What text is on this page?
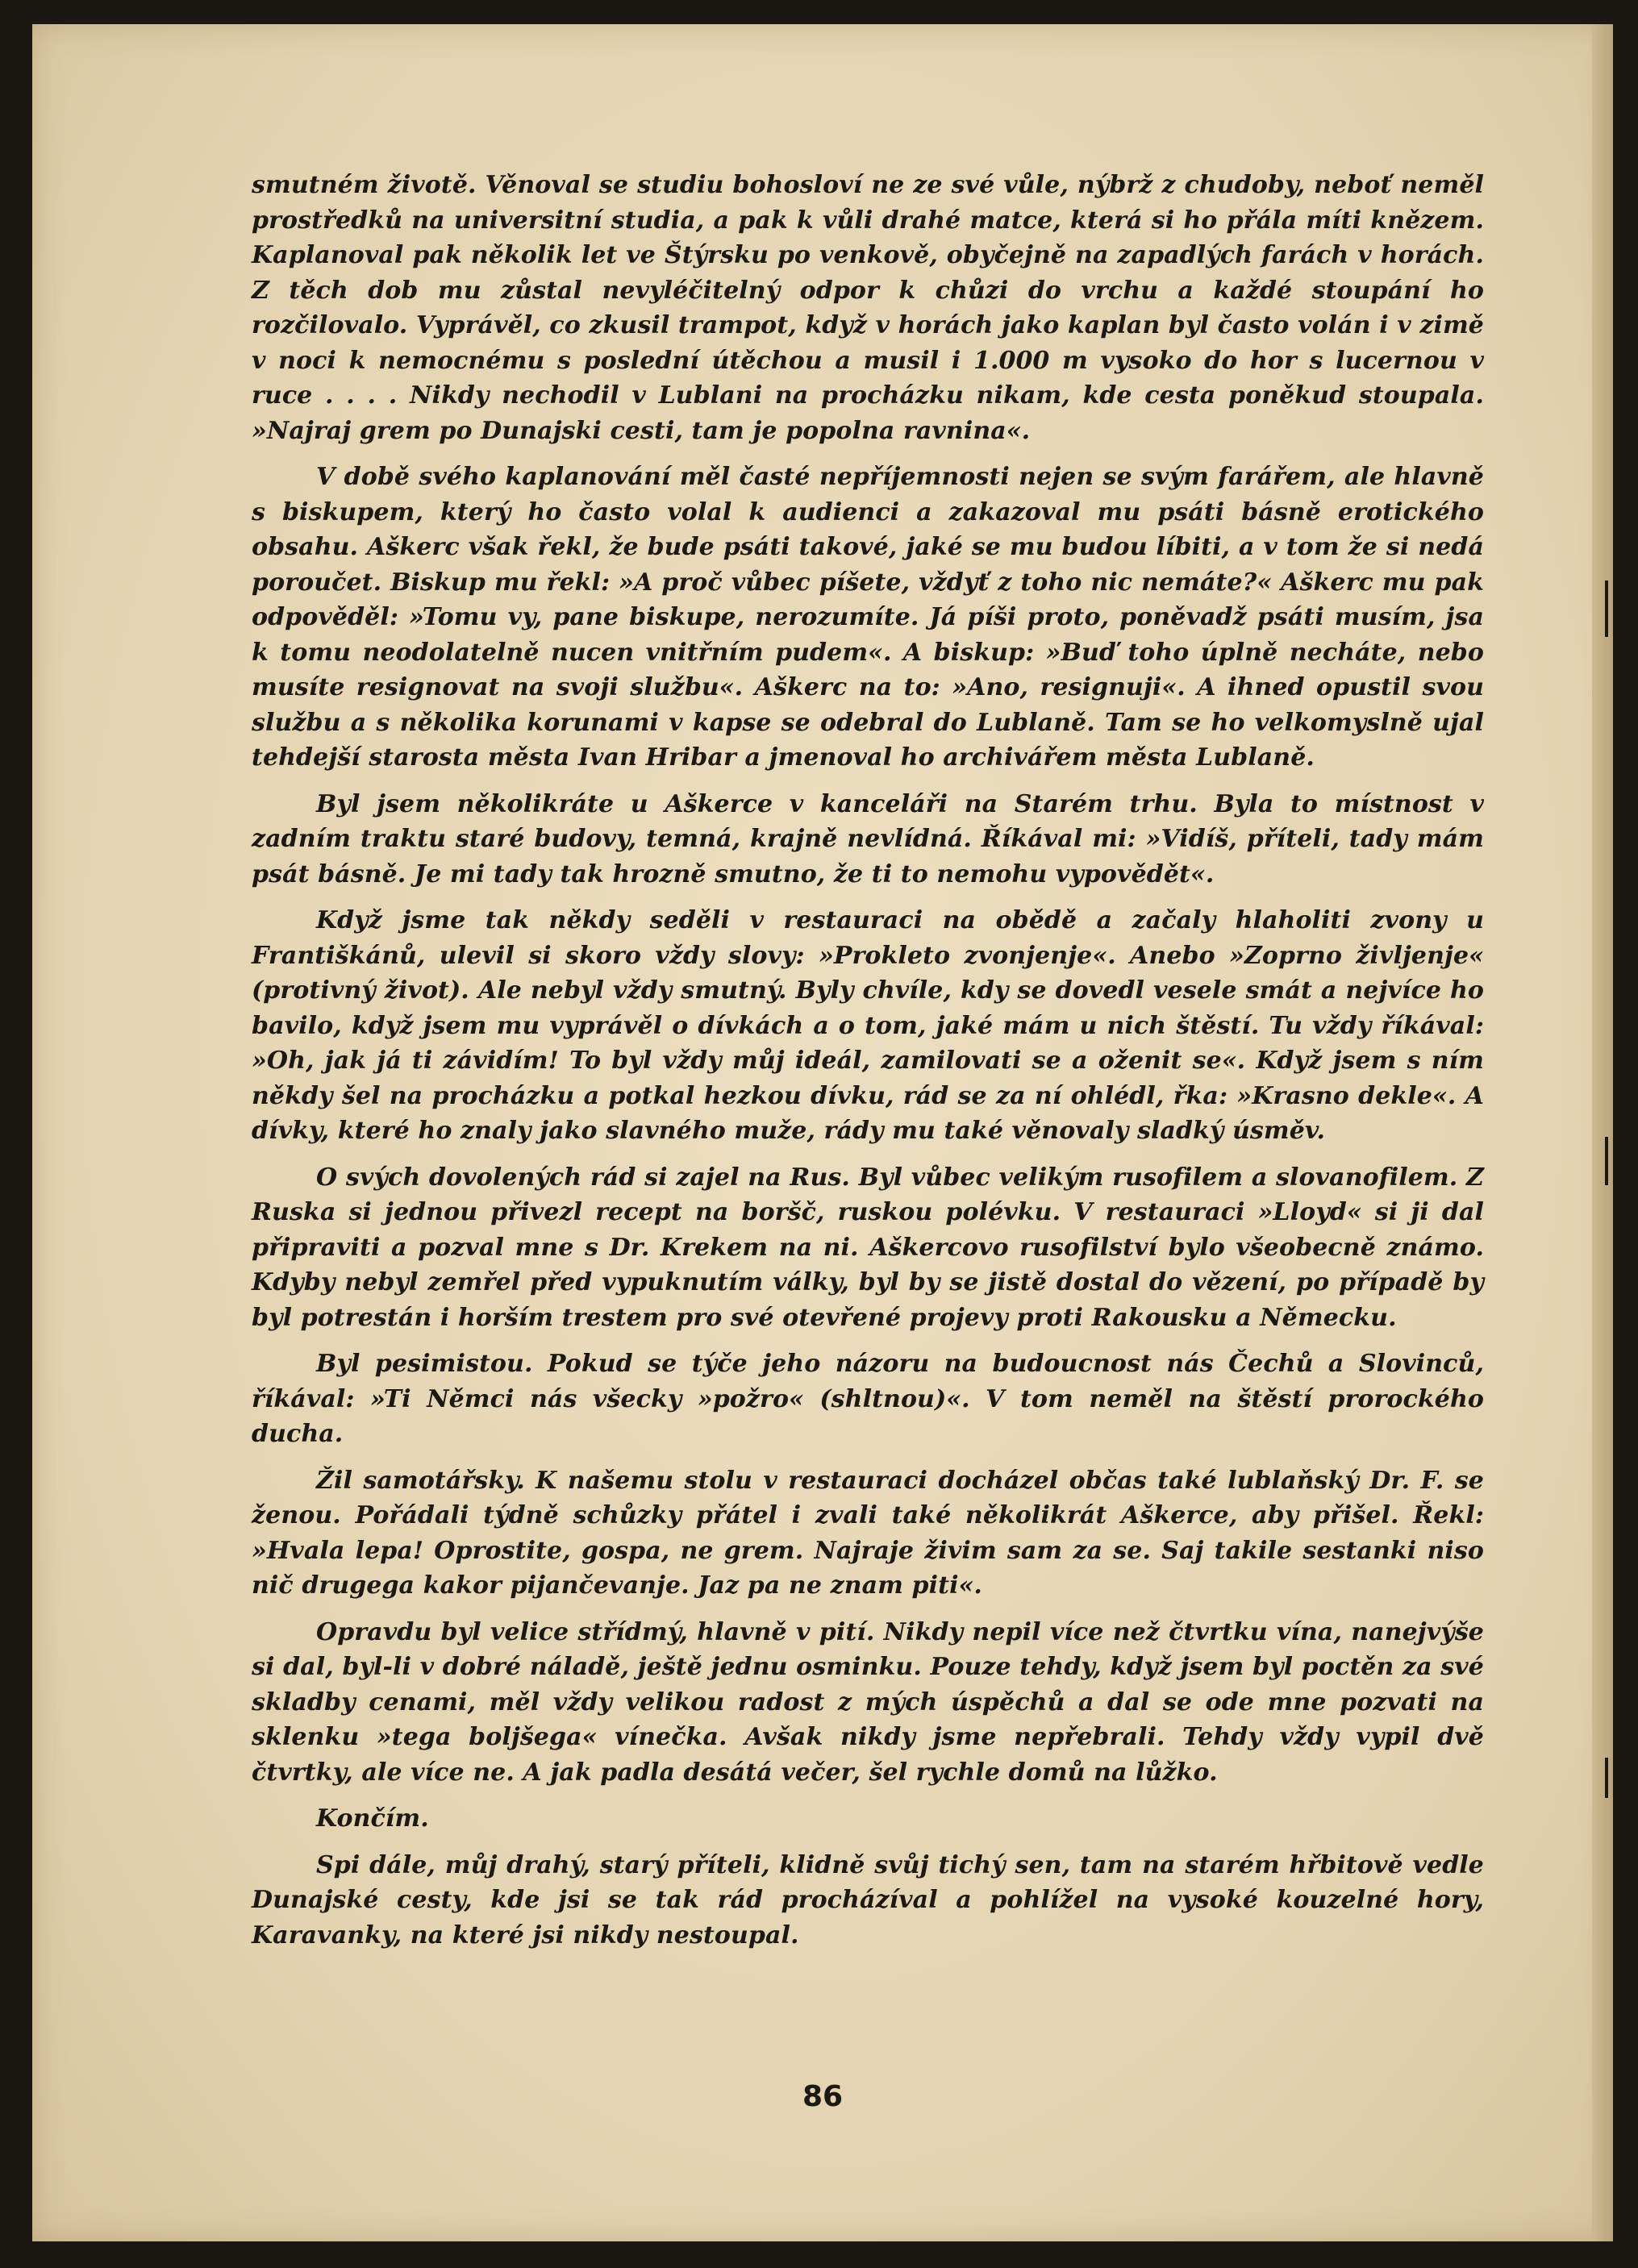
smutném životě. Věnoval se studiu bohosloví ne ze své vůle, nýbrž z chudoby, neboť neměl prostředků na universitní studia, a pak k vůli drahé matce, která si ho přála míti knězem. Kaplanoval pak několik let ve Štýrsku po venkově, obyčejně na zapadlých farách v horách. Z těch dob mu zůstal nevyléčitelný odpor k chůzi do vrchu a každé stoupání ho rozčilovalo. Vyprávěl, co zkusil trampot, když v horách jako kaplan byl často volán i v zimě v noci k nemocnému s poslední útěchou a musil i 1.000 m vysoko do hor s lucernou v ruce . . . . Nikdy nechodil v Lublani na procházku nikam, kde cesta poněkud stoupala. »Najraj grem po Dunajski cesti, tam je popolna ravnina«.

V době svého kaplanování měl časté nepříjemnosti nejen se svým farářem, ale hlavně s biskupem, který ho často volal k audienci a zakazoval mu psáti básně erotického obsahu. Aškerc však řekl, že bude psáti takové, jaké se mu budou líbiti, a v tom že si nedá poroučet. Biskup mu řekl: »A proč vůbec píšete, vždyť z toho nic nemáte?« Aškerc mu pak odpověděl: »Tomu vy, pane biskupe, nerozumíte. Já píši proto, poněvadž psáti musím, jsa k tomu neodolatelně nucen vnitřním pudem«. A biskup: »Buď toho úplně necháte, nebo musíte resignovat na svoji službu«. Aškerc na to: »Ano, resignuji«. A ihned opustil svou službu a s několika korunami v kapse se odebral do Lublaně. Tam se ho velkomyslně ujal tehdejší starosta města Ivan Hribar a jmenoval ho archivářem města Lublaně.

Byl jsem několikráte u Aškerce v kanceláři na Starém trhu. Byla to místnost v zadním traktu staré budovy, temná, krajně nevlídná. Říkával mi: »Vidíš, příteli, tady mám psát básně. Je mi tady tak hrozně smutno, že ti to nemohu vypovědět«.

Když jsme tak někdy seděli v restauraci na obědě a začaly hlaholiti zvony u Františkánů, ulevil si skoro vždy slovy: »Prokleto zvonjenje«. Anebo »Zoprno življenje« (protivný život). Ale nebyl vždy smutný. Byly chvíle, kdy se dovedl vesele smát a nejvíce ho bavilo, když jsem mu vyprávěl o dívkách a o tom, jaké mám u nich štěstí. Tu vždy říkával: »Oh, jak já ti závidím! To byl vždy můj ideál, zamilovati se a oženit se«. Když jsem s ním někdy šel na procházku a potkal hezkou dívku, rád se za ní ohlédl, řka: »Krasno dekle«. A dívky, které ho znaly jako slavného muže, rády mu také věnovaly sladký úsměv.

O svých dovolených rád si zajel na Rus. Byl vůbec velikým rusofilem a slovanofilem. Z Ruska si jednou přivezl recept na boršč, ruskou polévku. V restauraci »Lloyd« si ji dal připraviti a pozval mne s Dr. Krekem na ni. Aškercovo rusofilství bylo všeobecně známo. Kdyby nebyl zemřel před vypuknutím války, byl by se jistě dostal do vězení, po případě by byl potrestán i horším trestem pro své otevřené projevy proti Rakousku a Německu.

Byl pesimistou. Pokud se týče jeho názoru na budoucnost nás Čechů a Slovinců, říkával: »Ti Němci nás všecky »požro« (shltnou)«. V tom neměl na štěstí prorockého ducha.

Žil samotářsky. K našemu stolu v restauraci docházel občas také lublaňský Dr. F. se ženou. Pořádali týdně schůzky přátel i zvali také několikrát Aškerce, aby přišel. Řekl: »Hvala lepa! Oprostite, gospa, ne grem. Najraje živim sam za se. Saj takile sestanki niso nič drugega kakor pijančevanje. Jaz pa ne znam piti«.

Opravdu byl velice střídmý, hlavně v pití. Nikdy nepil více než čtvrtku vína, nanejvýše si dal, byl-li v dobré náladě, ještě jednu osminku. Pouze tehdy, když jsem byl poctěn za své skladby cenami, měl vždy velikou radost z mých úspěchů a dal se ode mne pozvati na sklenku »tega boljšega« vínečka. Avšak nikdy jsme nepřebrali. Tehdy vždy vypil dvě čtvrtky, ale více ne. A jak padla desátá večer, šel rychle domů na lůžko.

Končím.

Spi dále, můj drahý, starý příteli, klidně svůj tichý sen, tam na starém hřbitově vedle Dunajské cesty, kde jsi se tak rád procházíval a pohlížel na vysoké kouzelné hory, Karavanky, na které jsi nikdy nestoupal.

86
